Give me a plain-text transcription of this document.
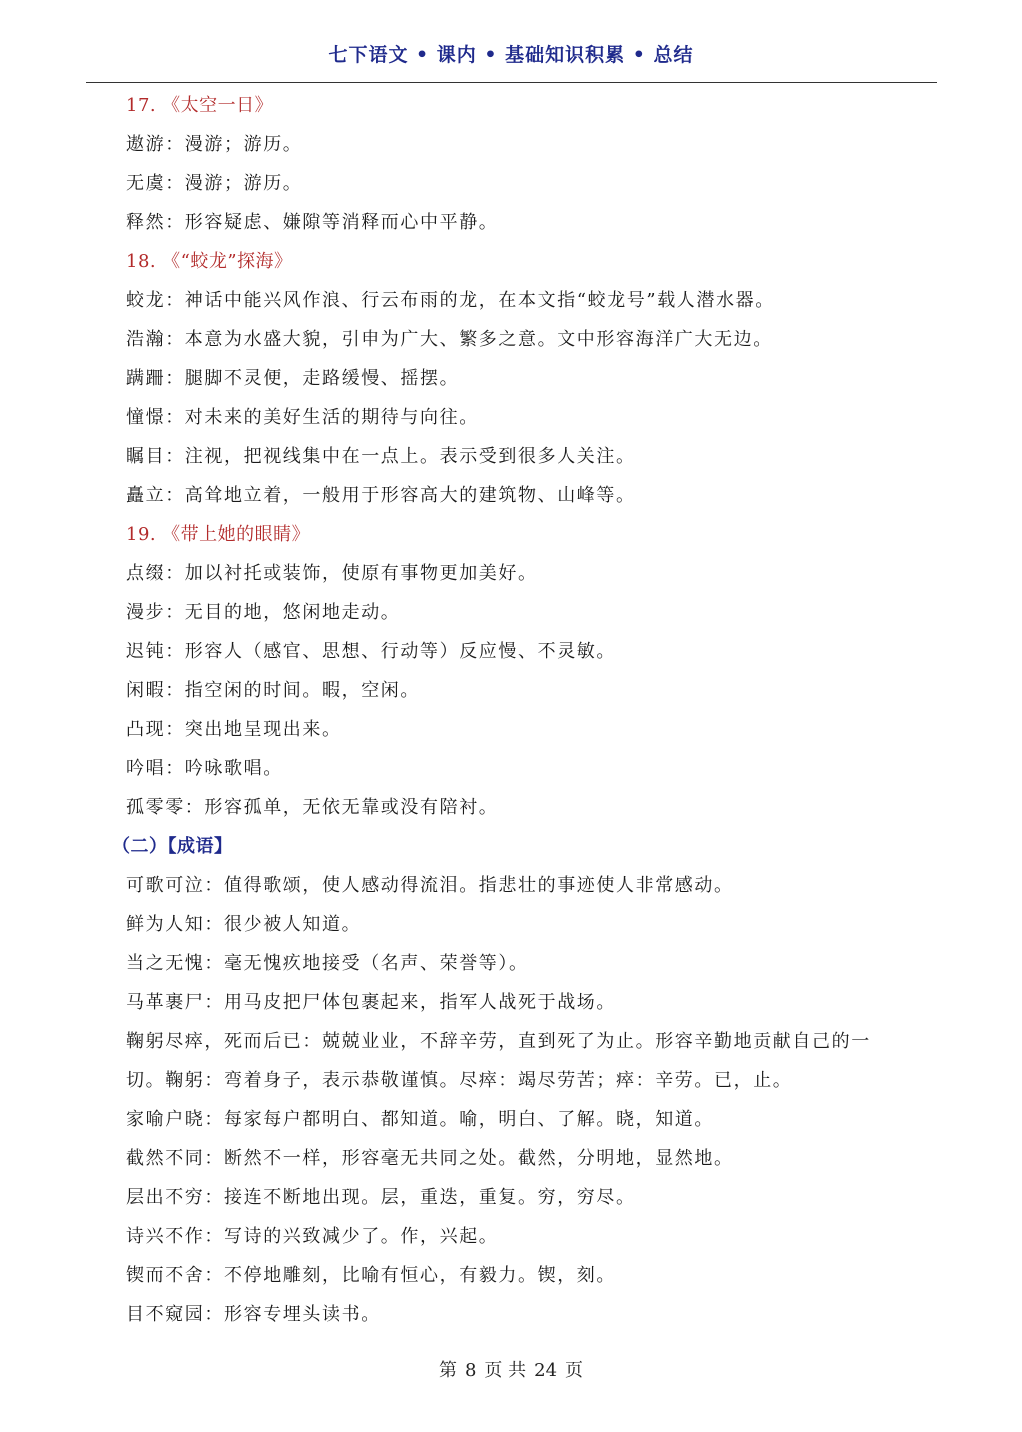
七下语文 • 课内 • 基础知识积累 • 总结
17. 《太空一日》
遨游：漫游；游历。
无虞：漫游；游历。
释然：形容疑虑、嫌隙等消释而心中平静。
18. 《“蛟龙”探海》
蛟龙：神话中能兴风作浪、行云布雨的龙，在本文指“蛟龙号”载人潜水器。
浩瀚：本意为水盛大貌，引申为广大、繁多之意。文中形容海洋广大无边。
蹒跚：腿脚不灵便，走路缓慢、摇摆。
憧憬：对未来的美好生活的期待与向往。
瞩目：注视，把视线集中在一点上。表示受到很多人关注。
矗立：高耸地立着，一般用于形容高大的建筑物、山峰等。
19. 《带上她的眼睛》
点缀：加以衬托或装饰，使原有事物更加美好。
漫步：无目的地，悠闲地走动。
迟钝：形容人（感官、思想、行动等）反应慢、不灵敏。
闲暇：指空闲的时间。暇，空闲。
凸现：突出地呈现出来。
吟唱：吟咏歌唱。
孤零零：形容孤单，无依无靠或没有陪衬。
（二）【成语】
可歌可泣：值得歌颂，使人感动得流泪。指悲壮的事迹使人非常感动。
鲜为人知：很少被人知道。
当之无愧：毫无愧疚地接受（名声、荣誉等）。
马革裹尸：用马皮把尸体包裹起来，指军人战死于战场。
鞠躬尽瘁，死而后已：兢兢业业，不辞辛劳，直到死了为止。形容辛勤地贡献自己的一
切。鞠躬：弯着身子，表示恭敬谨慎。尽瘁：竭尽劳苦；瘁：辛劳。已，止。
家喻户晓：每家每户都明白、都知道。喻，明白、了解。晓，知道。
截然不同：断然不一样，形容毫无共同之处。截然，分明地，显然地。
层出不穷：接连不断地出现。层，重迭，重复。穷，穷尽。
诗兴不作：写诗的兴致减少了。作，兴起。
锲而不舍：不停地雕刻，比喻有恒心，有毅力。锲，刻。
目不窥园：形容专埋头读书。
第 8 页 共 24 页
